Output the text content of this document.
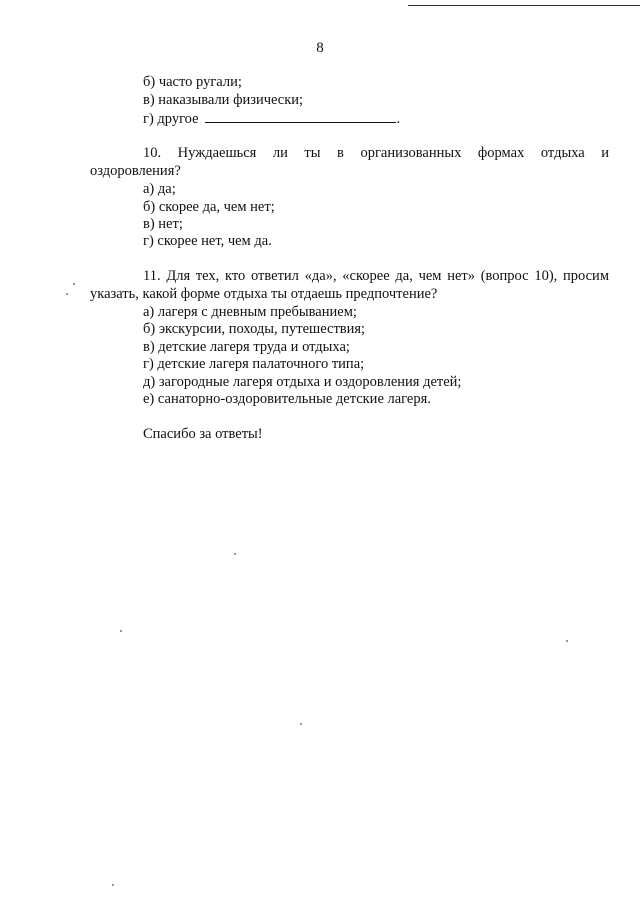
8
б) часто ругали;
в) наказывали физически;
г) другое	.
10. Нуждаешься ли ты в организованных формах отдыха и
оздоровления?
а) да;
б) скорее да, чем нет;
в) нет;
г) скорее нет, чем да.
11. Для тех, кто ответил «да», «скорее да, чем нет» (вопрос 10), просим
указать, какой форме отдыха ты отдаешь предпочтение?
а) лагеря с дневным пребыванием;
б) экскурсии, походы, путешествия;
в) детские лагеря труда и отдыха;
г) детские лагеря палаточного типа;
д) загородные лагеря отдыха и оздоровления детей;
е) санаторно-оздоровительные детские лагеря.
Спасибо за ответы!
